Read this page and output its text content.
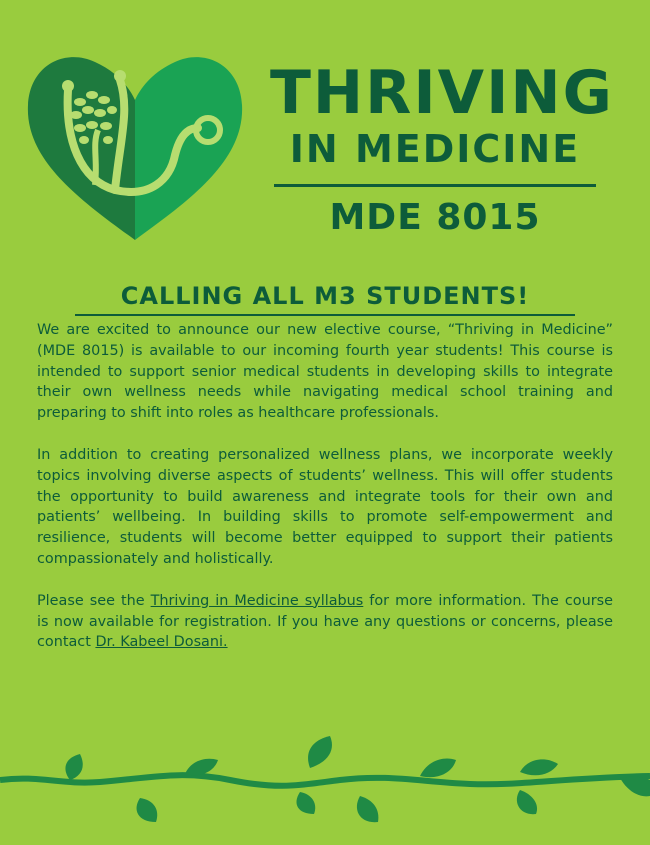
THRIVING
IN MEDICINE
MDE 8015
CALLING ALL M3 STUDENTS!

We are excited to announce our new elective course, “Thriving in Medicine” (MDE 8015) is available to our incoming fourth year students! This course is intended to support senior medical students in developing skills to integrate their own wellness needs while navigating medical school training and preparing to shift into roles as healthcare professionals.

In addition to creating personalized wellness plans, we incorporate weekly topics involving diverse aspects of students’ wellness. This will offer students the opportunity to build awareness and integrate tools for their own and patients’ wellbeing. In building skills to promote self-empowerment and resilience, students will become better equipped to support their patients compassionately and holistically.

Please see the Thriving in Medicine syllabus for more information. The course is now available for registration. If you have any questions or concerns, please contact Dr. Kabeel Dosani.
